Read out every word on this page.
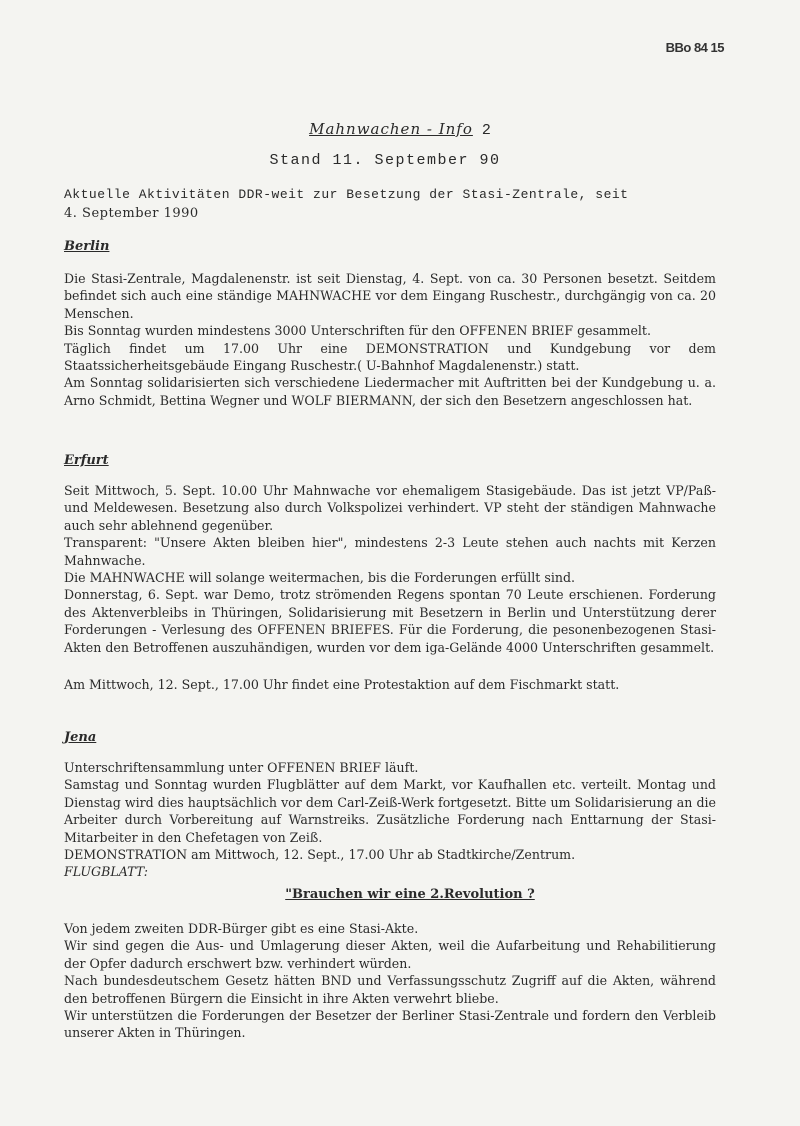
BBo 84 15
Mahnwachen - Info 2
Stand 11. September 90
Aktuelle Aktivitäten DDR-weit zur Besetzung der Stasi-Zentrale, seit
4. September 1990
Berlin

Die Stasi-Zentrale, Magdalenenstr. ist seit Dienstag, 4. Sept. von ca. 30 Personen besetzt. Seitdem befindet sich auch eine ständige MAHNWACHE vor dem Eingang Ruschestr., durchgängig von ca. 20 Menschen.

Bis Sonntag wurden mindestens 3000 Unterschriften für den OFFENEN BRIEF gesammelt.

Täglich findet um 17.00 Uhr eine DEMONSTRATION und Kundgebung vor dem Staatssicherheitsgebäude Eingang Ruschestr.( U-Bahnhof Magdalenenstr.) statt.

Am Sonntag solidarisierten sich verschiedene Liedermacher mit Auftritten bei der Kundgebung u. a. Arno Schmidt, Bettina Wegner und WOLF BIERMANN, der sich den Besetzern angeschlossen hat.

Erfurt

Seit Mittwoch, 5. Sept. 10.00 Uhr Mahnwache vor ehemaligem Stasigebäude. Das ist jetzt VP/Paß- und Meldewesen. Besetzung also durch Volkspolizei verhindert. VP steht der ständigen Mahnwache auch sehr ablehnend gegenüber.

Transparent: "Unsere Akten bleiben hier", mindestens 2-3 Leute stehen auch nachts mit Kerzen Mahnwache.

Die MAHNWACHE will solange weitermachen, bis die Forderungen erfüllt sind.

Donnerstag, 6. Sept. war Demo, trotz strömenden Regens spontan 70 Leute erschienen. Forderung des Aktenverbleibs in Thüringen, Solidarisierung mit Besetzern in Berlin und Unterstützung derer Forderungen - Verlesung des OFFENEN BRIEFES. Für die Forderung, die pesonenbezogenen Stasi-Akten den Betroffenen auszuhändigen, wurden vor dem iga-Gelände 4000 Unterschriften gesammelt.

Am Mittwoch, 12. Sept., 17.00 Uhr findet eine Protestaktion auf dem Fischmarkt statt.

Jena

Unterschriftensammlung unter OFFENEN BRIEF läuft.

Samstag und Sonntag wurden Flugblätter auf dem Markt, vor Kaufhallen etc. verteilt. Montag und Dienstag wird dies hauptsächlich vor dem Carl-Zeiß-Werk fortgesetzt. Bitte um Solidarisierung an die Arbeiter durch Vorbereitung auf Warnstreiks. Zusätzliche Forderung nach Enttarnung der Stasi-Mitarbeiter in den Chefetagen von Zeiß.

DEMONSTRATION am Mittwoch, 12. Sept., 17.00 Uhr ab Stadtkirche/Zentrum.

FLUGBLATT:

"Brauchen wir eine 2.Revolution ?

Von jedem zweiten DDR-Bürger gibt es eine Stasi-Akte.

Wir sind gegen die Aus- und Umlagerung dieser Akten, weil die Aufarbeitung und Rehabilitierung der Opfer dadurch erschwert bzw. verhindert würden.

Nach bundesdeutschem Gesetz hätten BND und Verfassungsschutz Zugriff auf die Akten, während den betroffenen Bürgern die Einsicht in ihre Akten verwehrt bliebe.

Wir unterstützen die Forderungen der Besetzer der Berliner Stasi-Zentrale und fordern den Verbleib unserer Akten in Thüringen.
